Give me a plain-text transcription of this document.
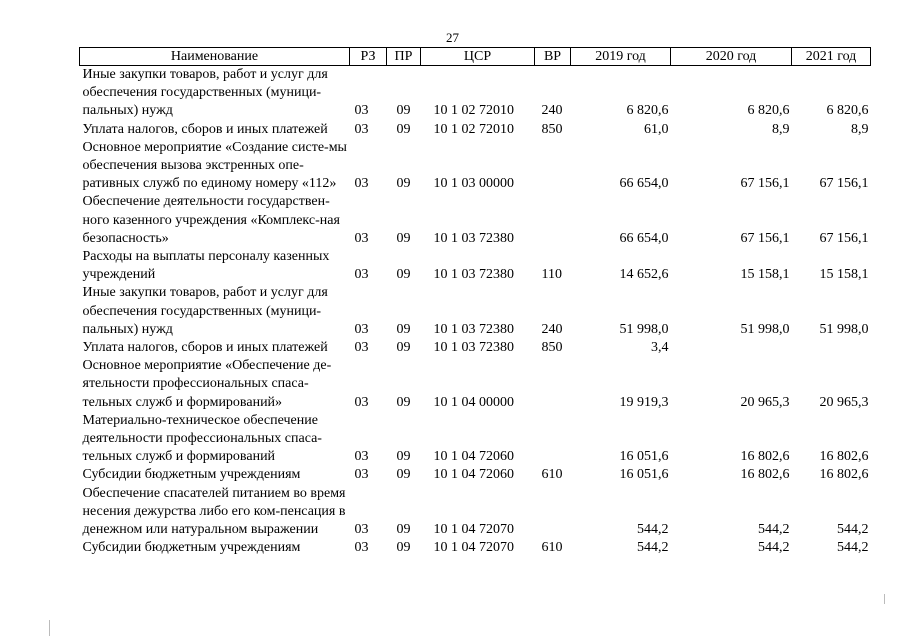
27
Наименование	РЗ	ПР	ЦСР	ВР	2019 год	2020 год	2021 год
Иные закупки товаров, работ и услуг для обеспечения государственных (муници-пальных) нужд	03	09	10 1 02 72010	240	6 820,6	6 820,6	6 820,6
Уплата налогов, сборов и иных платежей	03	09	10 1 02 72010	850	61,0	8,9	8,9
Основное мероприятие «Создание систе-мы обеспечения вызова экстренных опе-ративных служб по единому номеру «112»	03	09	10 1 03 00000		66 654,0	67 156,1	67 156,1
Обеспечение деятельности государствен-ного казенного учреждения «Комплекс-ная безопасность»	03	09	10 1 03 72380		66 654,0	67 156,1	67 156,1
Расходы на выплаты персоналу казенных учреждений	03	09	10 1 03 72380	110	14 652,6	15 158,1	15 158,1
Иные закупки товаров, работ и услуг для обеспечения государственных (муници-пальных) нужд	03	09	10 1 03 72380	240	51 998,0	51 998,0	51 998,0
Уплата налогов, сборов и иных платежей	03	09	10 1 03 72380	850	3,4		
Основное мероприятие «Обеспечение де-ятельности профессиональных спаса-тельных служб и формирований»	03	09	10 1 04 00000		19 919,3	20 965,3	20 965,3
Материально-техническое обеспечение деятельности профессиональных спаса-тельных служб и формирований	03	09	10 1 04 72060		16 051,6	16 802,6	16 802,6
Субсидии бюджетным учреждениям	03	09	10 1 04 72060	610	16 051,6	16 802,6	16 802,6
Обеспечение спасателей питанием во время несения дежурства либо его ком-пенсация в денежном или натуральном выражении	03	09	10 1 04 72070		544,2	544,2	544,2
Субсидии бюджетным учреждениям	03	09	10 1 04 72070	610	544,2	544,2	544,2
